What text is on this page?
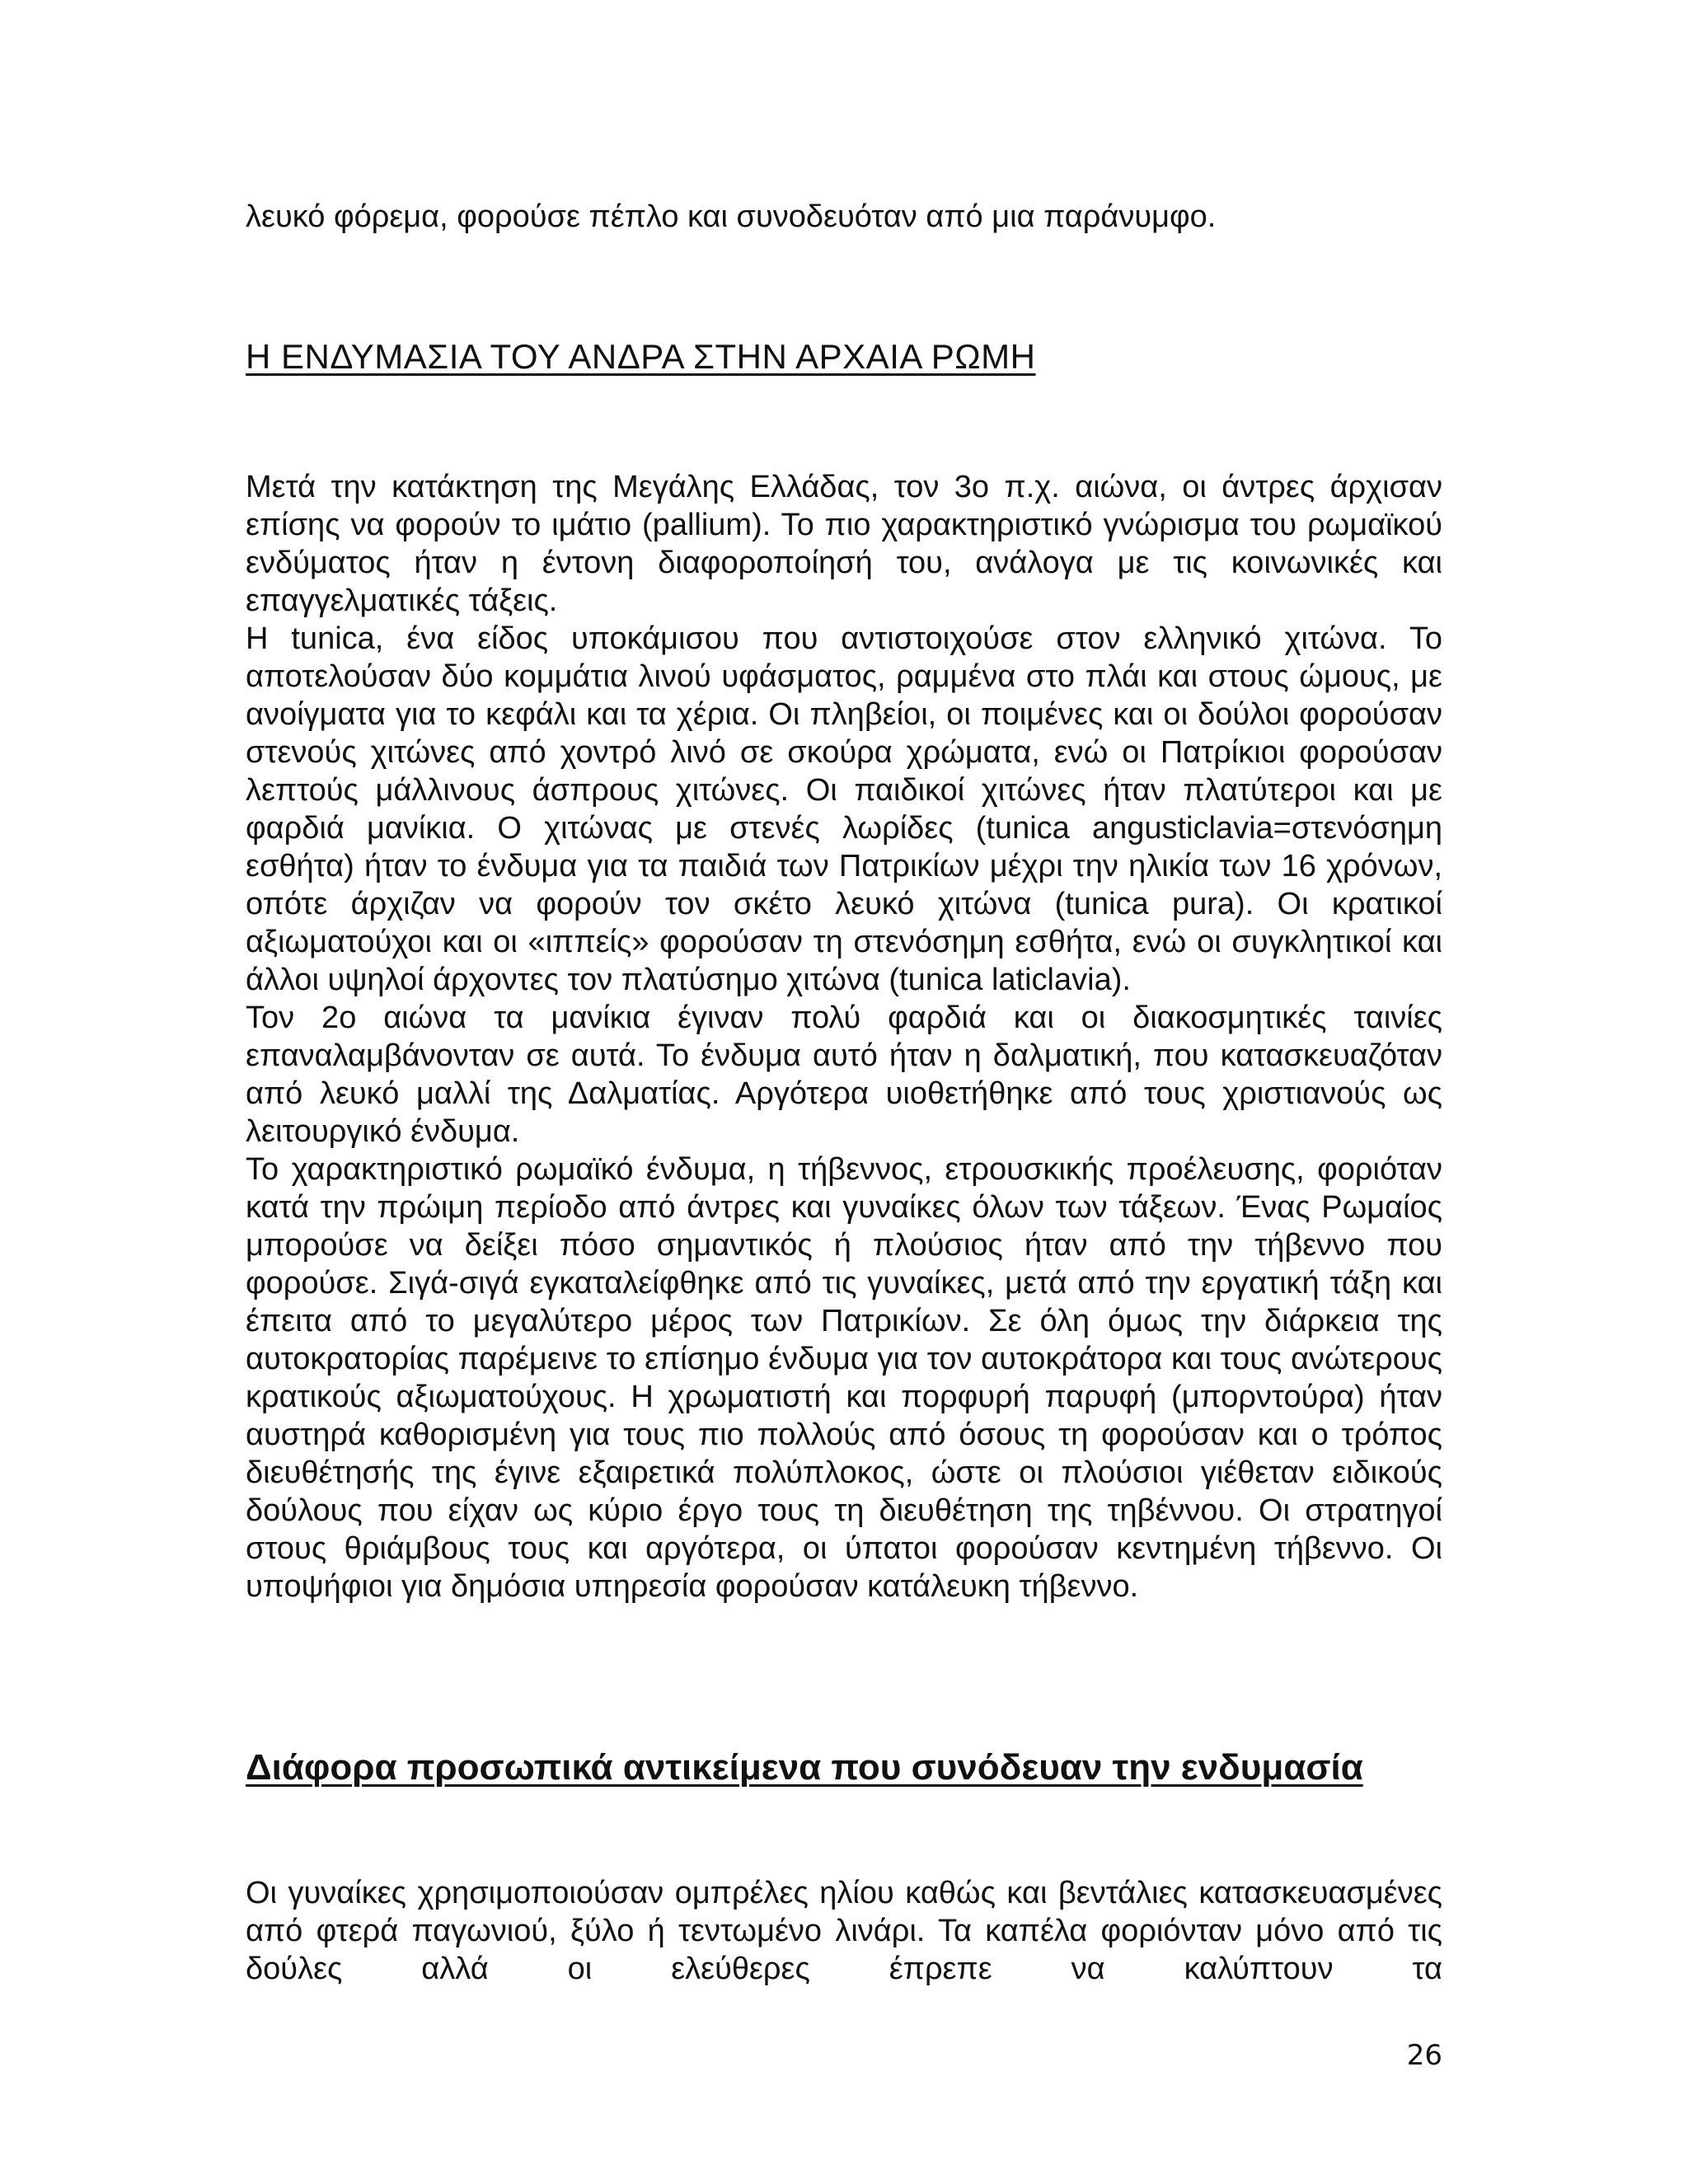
λευκό φόρεμα, φορούσε πέπλο και συνοδευόταν από μια παράνυμφο.
Η ΕΝΔΥΜΑΣΙΑ ΤΟΥ ΑΝΔΡΑ ΣΤΗΝ ΑΡΧΑΙΑ ΡΩΜΗ

Μετά την κατάκτηση της Μεγάλης Ελλάδας, τον 3ο π.χ. αιώνα, οι άντρες άρχισαν επίσης να φορούν το ιμάτιο (pallium). Το πιο χαρακτηριστικό γνώρισμα του ρωμαϊκού ενδύματος ήταν η έντονη διαφοροποίησή του, ανάλογα με τις κοινωνικές και επαγγελματικές τάξεις.

Η tunica, ένα είδος υποκάμισου που αντιστοιχούσε στον ελληνικό χιτώνα. Το αποτελούσαν δύο κομμάτια λινού υφάσματος, ραμμένα στο πλάι και στους ώμους, με ανοίγματα για το κεφάλι και τα χέρια. Οι πληβείοι, οι ποιμένες και οι δούλοι φορούσαν στενούς χιτώνες από χοντρό λινό σε σκούρα χρώματα, ενώ οι Πατρίκιοι φορούσαν λεπτούς μάλλινους άσπρους χιτώνες. Οι παιδικοί χιτώνες ήταν πλατύτεροι και με φαρδιά μανίκια. Ο χιτώνας με στενές λωρίδες (tunica angusticlavia=στενόσημη εσθήτα) ήταν το ένδυμα για τα παιδιά των Πατρικίων μέχρι την ηλικία των 16 χρόνων, οπότε άρχιζαν να φορούν τον σκέτο λευκό χιτώνα (tunica pura). Οι κρατικοί αξιωματούχοι και οι «ιππείς» φορούσαν τη στενόσημη εσθήτα, ενώ οι συγκλητικοί και άλλοι υψηλοί άρχοντες τον πλατύσημο χιτώνα (tunica laticlavia).

Τον 2ο αιώνα τα μανίκια έγιναν πολύ φαρδιά και οι διακοσμητικές ταινίες επαναλαμβάνονταν σε αυτά. Το ένδυμα αυτό ήταν η δαλματική, που κατασκευαζόταν από λευκό μαλλί της Δαλματίας. Αργότερα υιοθετήθηκε από τους χριστιανούς ως λειτουργικό ένδυμα.

Το χαρακτηριστικό ρωμαϊκό ένδυμα, η τήβεννος, ετρουσκικής προέλευσης, φοριόταν κατά την πρώιμη περίοδο από άντρες και γυναίκες όλων των τάξεων. Ένας Ρωμαίος μπορούσε να δείξει πόσο σημαντικός ή πλούσιος ήταν από την τήβεννο που φορούσε. Σιγά-σιγά εγκαταλείφθηκε από τις γυναίκες, μετά από την εργατική τάξη και έπειτα από το μεγαλύτερο μέρος των Πατρικίων. Σε όλη όμως την διάρκεια της αυτοκρατορίας παρέμεινε το επίσημο ένδυμα για τον αυτοκράτορα και τους ανώτερους κρατικούς αξιωματούχους. Η χρωματιστή και πορφυρή παρυφή (μπορντούρα) ήταν αυστηρά καθορισμένη για τους πιο πολλούς από όσους τη φορούσαν και ο τρόπος διευθέτησής της έγινε εξαιρετικά πολύπλοκος, ώστε οι πλούσιοι γιέθεταν ειδικούς δούλους που είχαν ως κύριο έργο τους τη διευθέτηση της τηβέννου. Οι στρατηγοί στους θριάμβους τους και αργότερα, οι ύπατοι φορούσαν κεντημένη τήβεννο. Οι υποψήφιοι για δημόσια υπηρεσία φορούσαν κατάλευκη τήβεννο.

Διάφορα προσωπικά αντικείμενα που συνόδευαν την ενδυμασία

Οι γυναίκες χρησιμοποιούσαν ομπρέλες ηλίου καθώς και βεντάλιες κατασκευασμένες από φτερά παγωνιού, ξύλο ή τεντωμένο λινάρι. Τα καπέλα φοριόνταν μόνο από τις δούλες αλλά οι ελεύθερες έπρεπε να καλύπτουν τα

26
